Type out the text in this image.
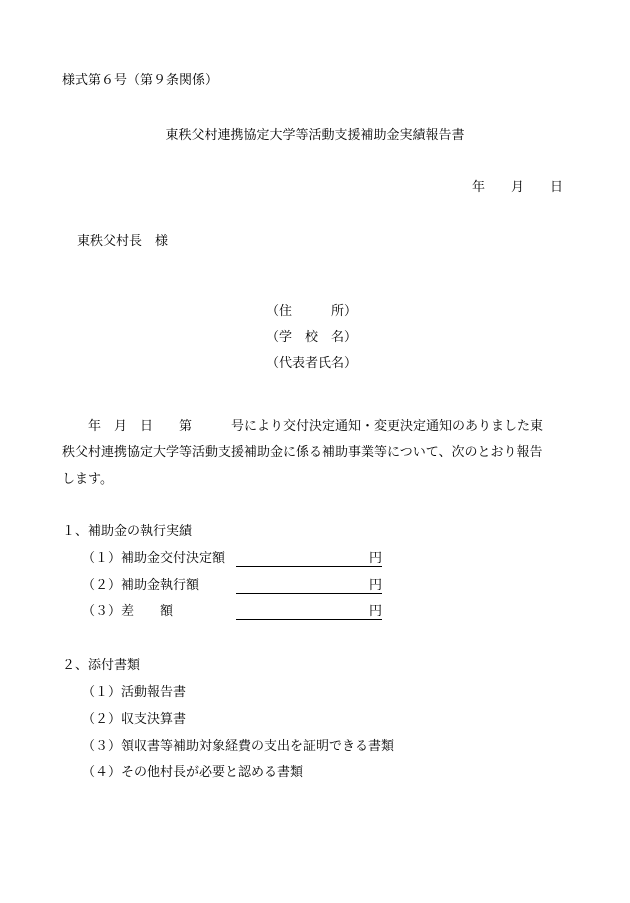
様式第６号（第９条関係）
東秩父村連携協定大学等活動支援補助金実績報告書
年　　月　　日
東秩父村長　様
（住　　　所）
（学　校　名）
（代表者氏名）
　　年　月　日　　第　　　号により交付決定通知・変更決定通知のありました東
秩父村連携協定大学等活動支援補助金に係る補助事業等について、次のとおり報告
します。
１、補助金の執行実績
（１）補助金交付決定額	円
（２）補助金執行額	円
（３）差　　額	円
２、添付書類
（１）活動報告書
（２）収支決算書
（３）領収書等補助対象経費の支出を証明できる書類
（４）その他村長が必要と認める書類
